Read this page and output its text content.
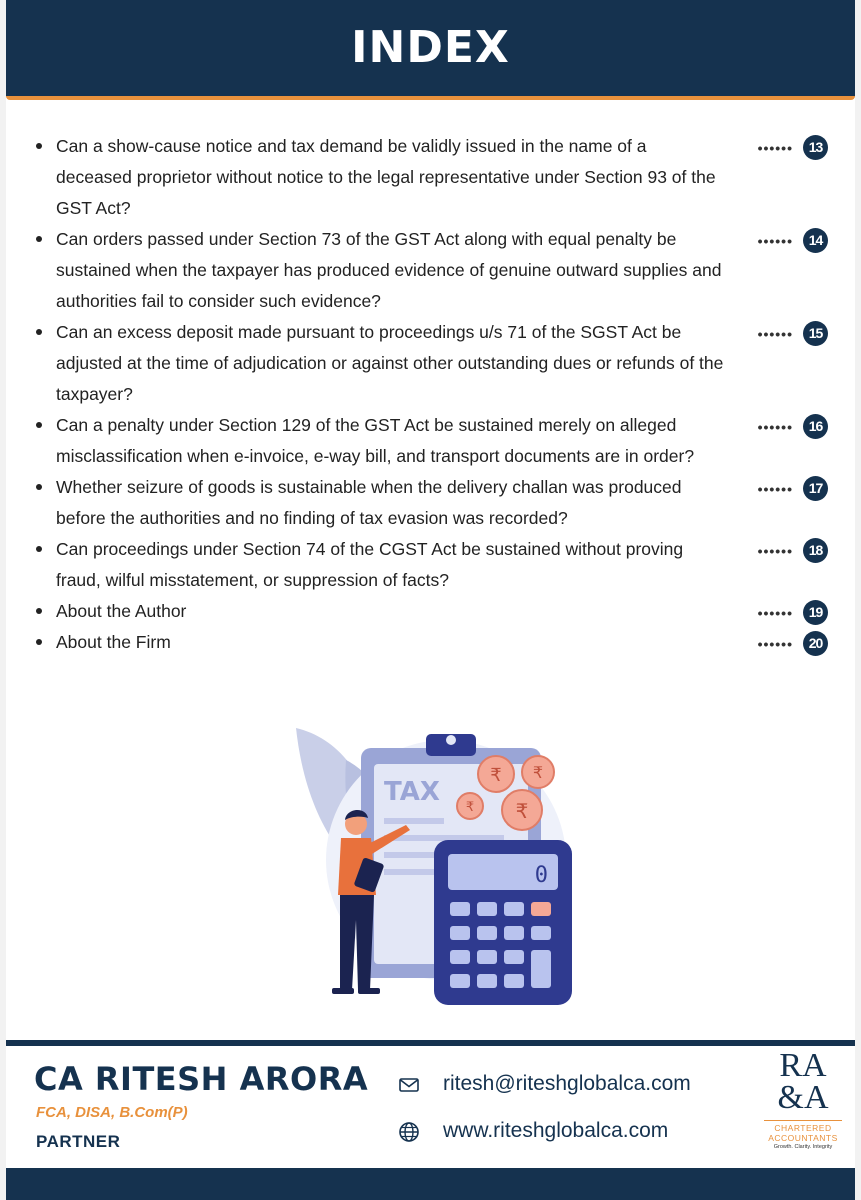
INDEX
Can a show-cause notice and tax demand be validly issued in the name of a deceased proprietor without notice to the legal representative under Section 93 of the GST Act?
••••••	13
Can orders passed under Section 73 of the GST Act along with equal penalty be sustained when the taxpayer has produced evidence of genuine outward supplies and authorities fail to consider such evidence?
••••••	14
Can an excess deposit made pursuant to proceedings u/s 71 of the SGST Act be adjusted at the time of adjudication or against other outstanding dues or refunds of the taxpayer?
••••••	15
Can a penalty under Section 129 of the GST Act be sustained merely on alleged misclassification when e-invoice, e-way bill, and transport documents are in order?
••••••	16
Whether seizure of goods is sustainable when the delivery challan was produced before the authorities and no finding of tax evasion was recorded?
••••••	17
Can proceedings under Section 74 of the CGST Act be sustained without proving fraud, wilful misstatement, or suppression of facts?
••••••	18
About the Author	••••••	19
About the Firm	••••••	20
TAX
₹ ₹
₹ ₹
0
CA RITESH ARORA
FCA, DISA, B.Com(P)
PARTNER
ritesh@riteshglobalca.com
www.riteshglobalca.com
RA
&A
CHARTERED ACCOUNTANTS
Growth. Clarity. Integrity
